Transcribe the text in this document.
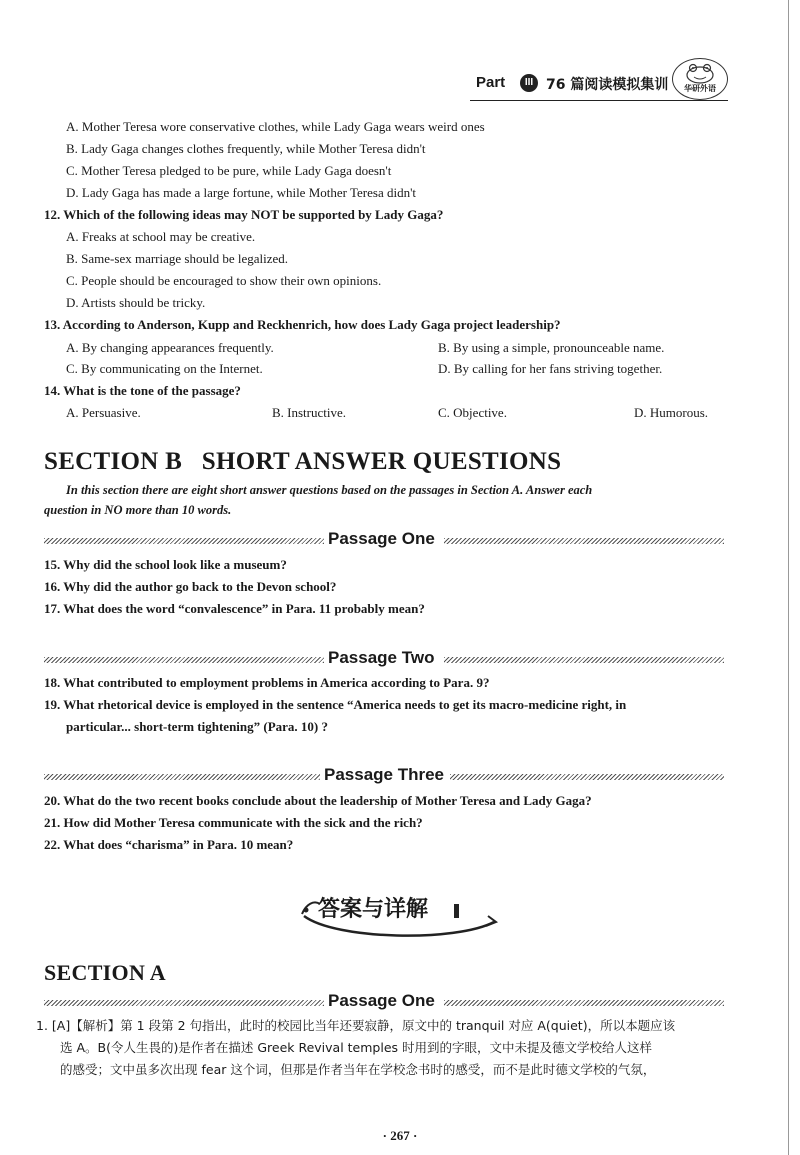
Part	III 76 篇阅读模拟集训	华研外语
A. Mother Teresa wore conservative clothes, while Lady Gaga wears weird ones
B. Lady Gaga changes clothes frequently, while Mother Teresa didn't
C. Mother Teresa pledged to be pure, while Lady Gaga doesn't
D. Lady Gaga has made a large fortune, while Mother Teresa didn't
12. Which of the following ideas may NOT be supported by Lady Gaga?
A. Freaks at school may be creative.
B. Same-sex marriage should be legalized.
C. People should be encouraged to show their own opinions.
D. Artists should be tricky.
13. According to Anderson, Kupp and Reckhenrich, how does Lady Gaga project leadership?
A. By changing appearances frequently.	B. By using a simple, pronounceable name.
C. By communicating on the Internet.	D. By calling for her fans striving together.
14. What is the tone of the passage?
A. Persuasive.	B. Instructive.	C. Objective.	D. Humorous.
SECTION B   SHORT ANSWER QUESTIONS
In this section there are eight short answer questions based on the passages in Section A. Answer each
question in NO more than 10 words.
Passage One
15. Why did the school look like a museum?
16. Why did the author go back to the Devon school?
17. What does the word “convalescence” in Para. 11 probably mean?
Passage Two
18. What contributed to employment problems in America according to Para. 9?
19. What rhetorical device is employed in the sentence “America needs to get its macro-medicine right, in
particular... short-term tightening” (Para. 10) ?
Passage Three
20. What do the two recent books conclude about the leadership of Mother Teresa and Lady Gaga?
21. How did Mother Teresa communicate with the sick and the rich?
22. What does “charisma” in Para. 10 mean?
答案与详解
SECTION A
Passage One
1. [A]【解析】第 1 段第 2 句指出，此时的校园比当年还要寂静，原文中的 tranquil 对应 A(quiet)，所以本题应该
选 A。B(令人生畏的)是作者在描述 Greek Revival temples 时用到的字眼，文中未提及德文学校给人这样
的感受；文中虽多次出现 fear 这个词，但那是作者当年在学校念书时的感受，而不是此时德文学校的气氛，
· 267 ·
